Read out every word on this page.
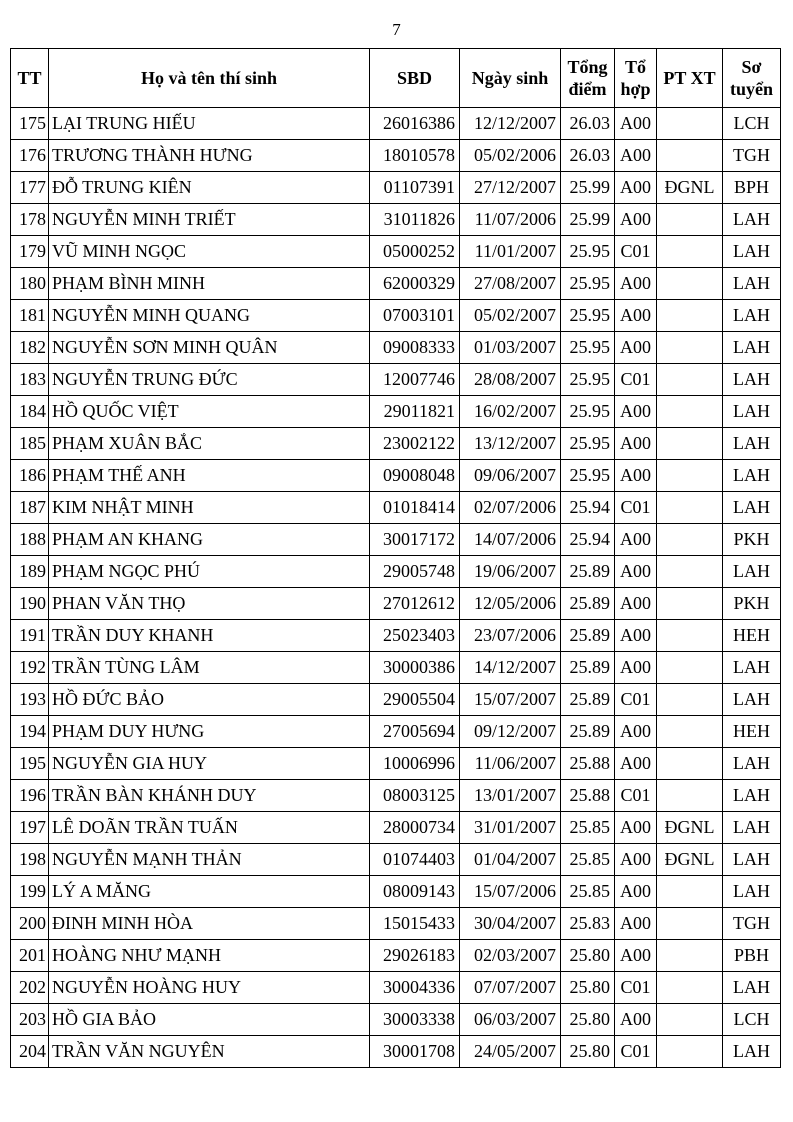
7
TT	Họ và tên thí sinh	SBD	Ngày sinh	Tổng điểm	Tổ hợp	PT XT	Sơ tuyển
175	LẠI TRUNG HIẾU	26016386	12/12/2007	26.03	A00		LCH
176	TRƯƠNG THÀNH HƯNG	18010578	05/02/2006	26.03	A00		TGH
177	ĐỖ TRUNG KIÊN	01107391	27/12/2007	25.99	A00	ĐGNL	BPH
178	NGUYỄN MINH TRIẾT	31011826	11/07/2006	25.99	A00		LAH
179	VŨ MINH NGỌC	05000252	11/01/2007	25.95	C01		LAH
180	PHẠM BÌNH MINH	62000329	27/08/2007	25.95	A00		LAH
181	NGUYỄN MINH QUANG	07003101	05/02/2007	25.95	A00		LAH
182	NGUYỄN SƠN MINH QUÂN	09008333	01/03/2007	25.95	A00		LAH
183	NGUYỄN TRUNG ĐỨC	12007746	28/08/2007	25.95	C01		LAH
184	HỒ QUỐC VIỆT	29011821	16/02/2007	25.95	A00		LAH
185	PHẠM XUÂN BẮC	23002122	13/12/2007	25.95	A00		LAH
186	PHẠM THẾ ANH	09008048	09/06/2007	25.95	A00		LAH
187	KIM NHẬT MINH	01018414	02/07/2006	25.94	C01		LAH
188	PHẠM AN KHANG	30017172	14/07/2006	25.94	A00		PKH
189	PHẠM NGỌC PHÚ	29005748	19/06/2007	25.89	A00		LAH
190	PHAN VĂN THỌ	27012612	12/05/2006	25.89	A00		PKH
191	TRẦN DUY KHANH	25023403	23/07/2006	25.89	A00		HEH
192	TRẦN TÙNG LÂM	30000386	14/12/2007	25.89	A00		LAH
193	HỒ ĐỨC BẢO	29005504	15/07/2007	25.89	C01		LAH
194	PHẠM DUY HƯNG	27005694	09/12/2007	25.89	A00		HEH
195	NGUYỄN GIA HUY	10006996	11/06/2007	25.88	A00		LAH
196	TRẦN BÀN KHÁNH DUY	08003125	13/01/2007	25.88	C01		LAH
197	LÊ DOÃN TRẦN TUẤN	28000734	31/01/2007	25.85	A00	ĐGNL	LAH
198	NGUYỄN MẠNH THẢN	01074403	01/04/2007	25.85	A00	ĐGNL	LAH
199	LÝ A MĂNG	08009143	15/07/2006	25.85	A00		LAH
200	ĐINH MINH HÒA	15015433	30/04/2007	25.83	A00		TGH
201	HOÀNG NHƯ MẠNH	29026183	02/03/2007	25.80	A00		PBH
202	NGUYỄN HOÀNG HUY	30004336	07/07/2007	25.80	C01		LAH
203	HỒ GIA BẢO	30003338	06/03/2007	25.80	A00		LCH
204	TRẦN VĂN NGUYÊN	30001708	24/05/2007	25.80	C01		LAH
